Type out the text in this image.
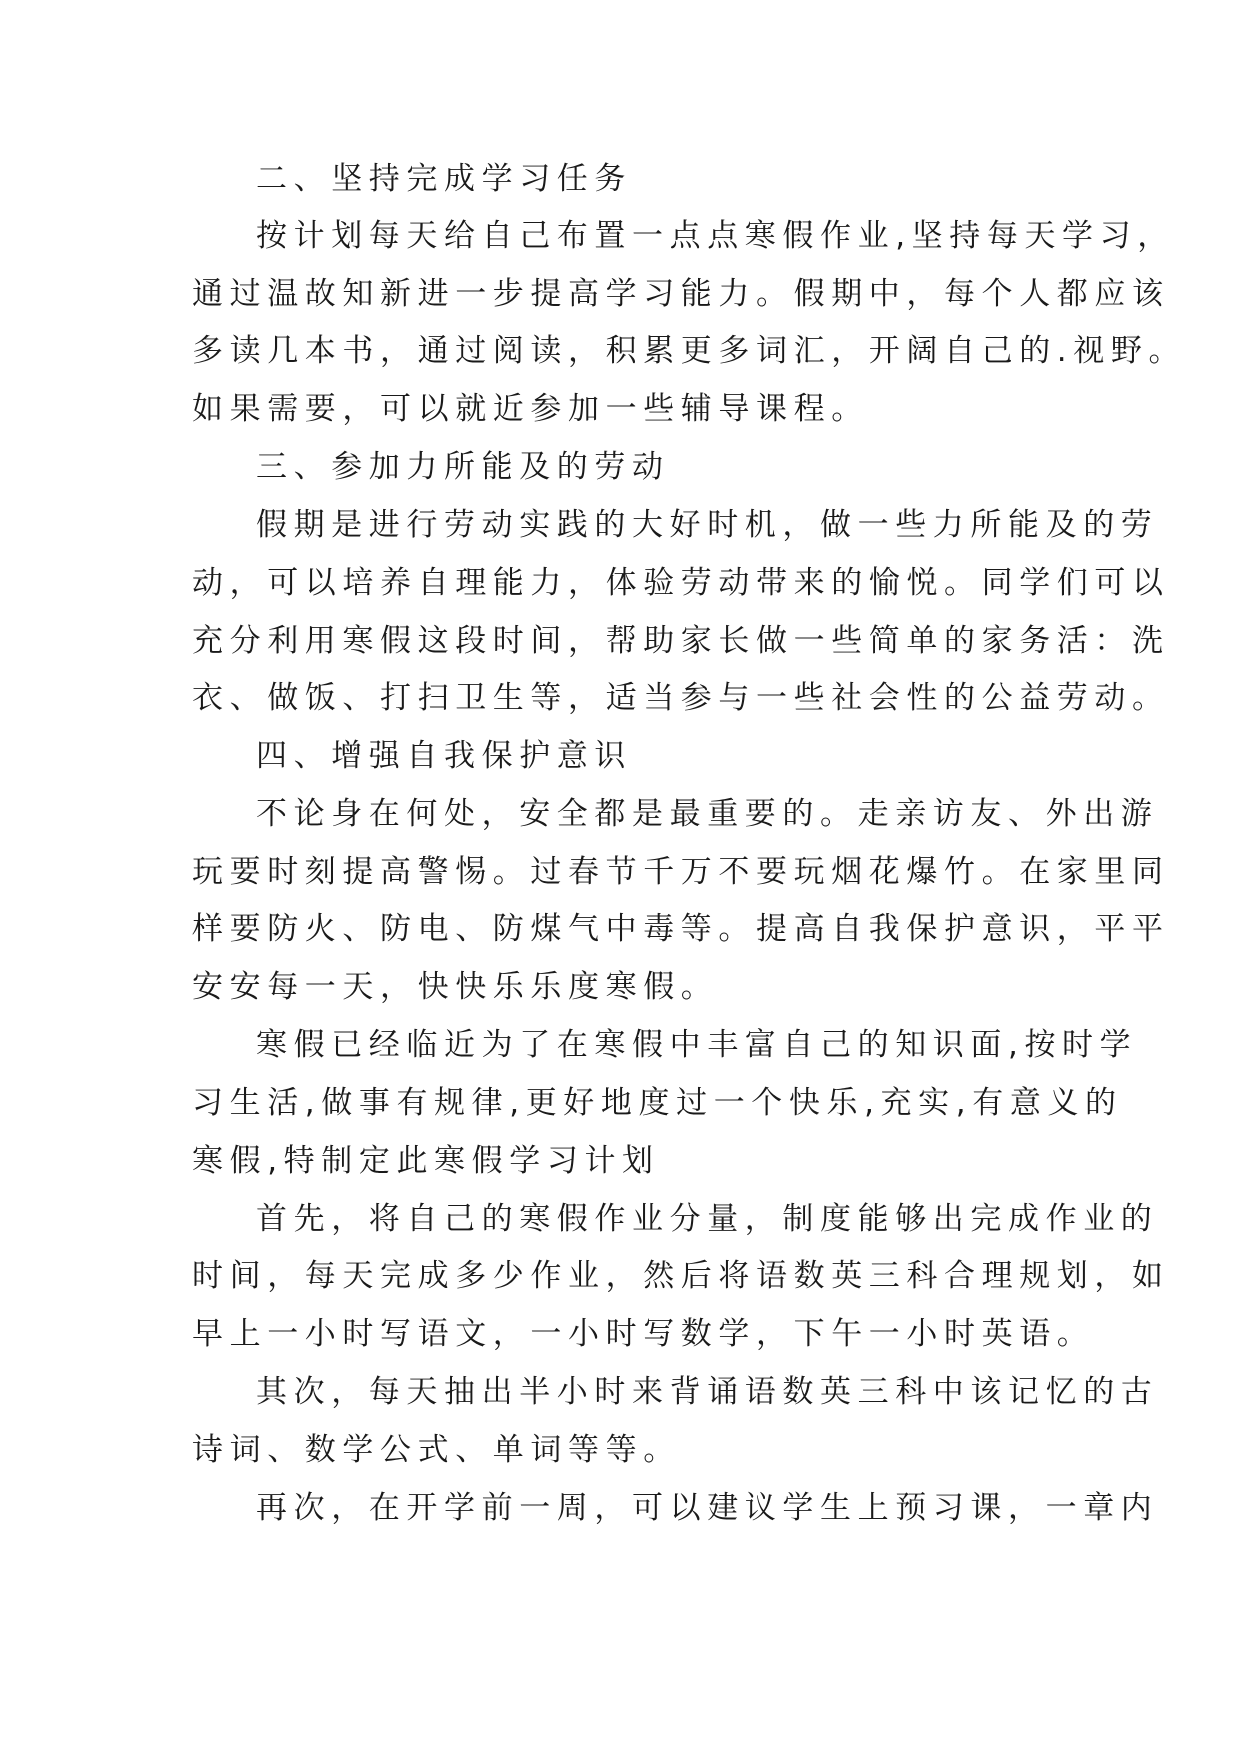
二、坚持完成学习任务
按计划每天给自己布置一点点寒假作业,坚持每天学习，
通过温故知新进一步提高学习能力。假期中，每个人都应该
多读几本书，通过阅读，积累更多词汇，开阔自己的.视野。
如果需要，可以就近参加一些辅导课程。
三、参加力所能及的劳动
假期是进行劳动实践的大好时机，做一些力所能及的劳
动，可以培养自理能力，体验劳动带来的愉悦。同学们可以
充分利用寒假这段时间，帮助家长做一些简单的家务活：洗
衣、做饭、打扫卫生等，适当参与一些社会性的公益劳动。
四、增强自我保护意识
不论身在何处，安全都是最重要的。走亲访友、外出游
玩要时刻提高警惕。过春节千万不要玩烟花爆竹。在家里同
样要防火、防电、防煤气中毒等。提高自我保护意识，平平
安安每一天，快快乐乐度寒假。
寒假已经临近为了在寒假中丰富自己的知识面,按时学
习生活,做事有规律,更好地度过一个快乐,充实,有意义的
寒假,特制定此寒假学习计划
首先，将自己的寒假作业分量，制度能够出完成作业的
时间，每天完成多少作业，然后将语数英三科合理规划，如
早上一小时写语文，一小时写数学，下午一小时英语。
其次，每天抽出半小时来背诵语数英三科中该记忆的古
诗词、数学公式、单词等等。
再次，在开学前一周，可以建议学生上预习课，一章内
